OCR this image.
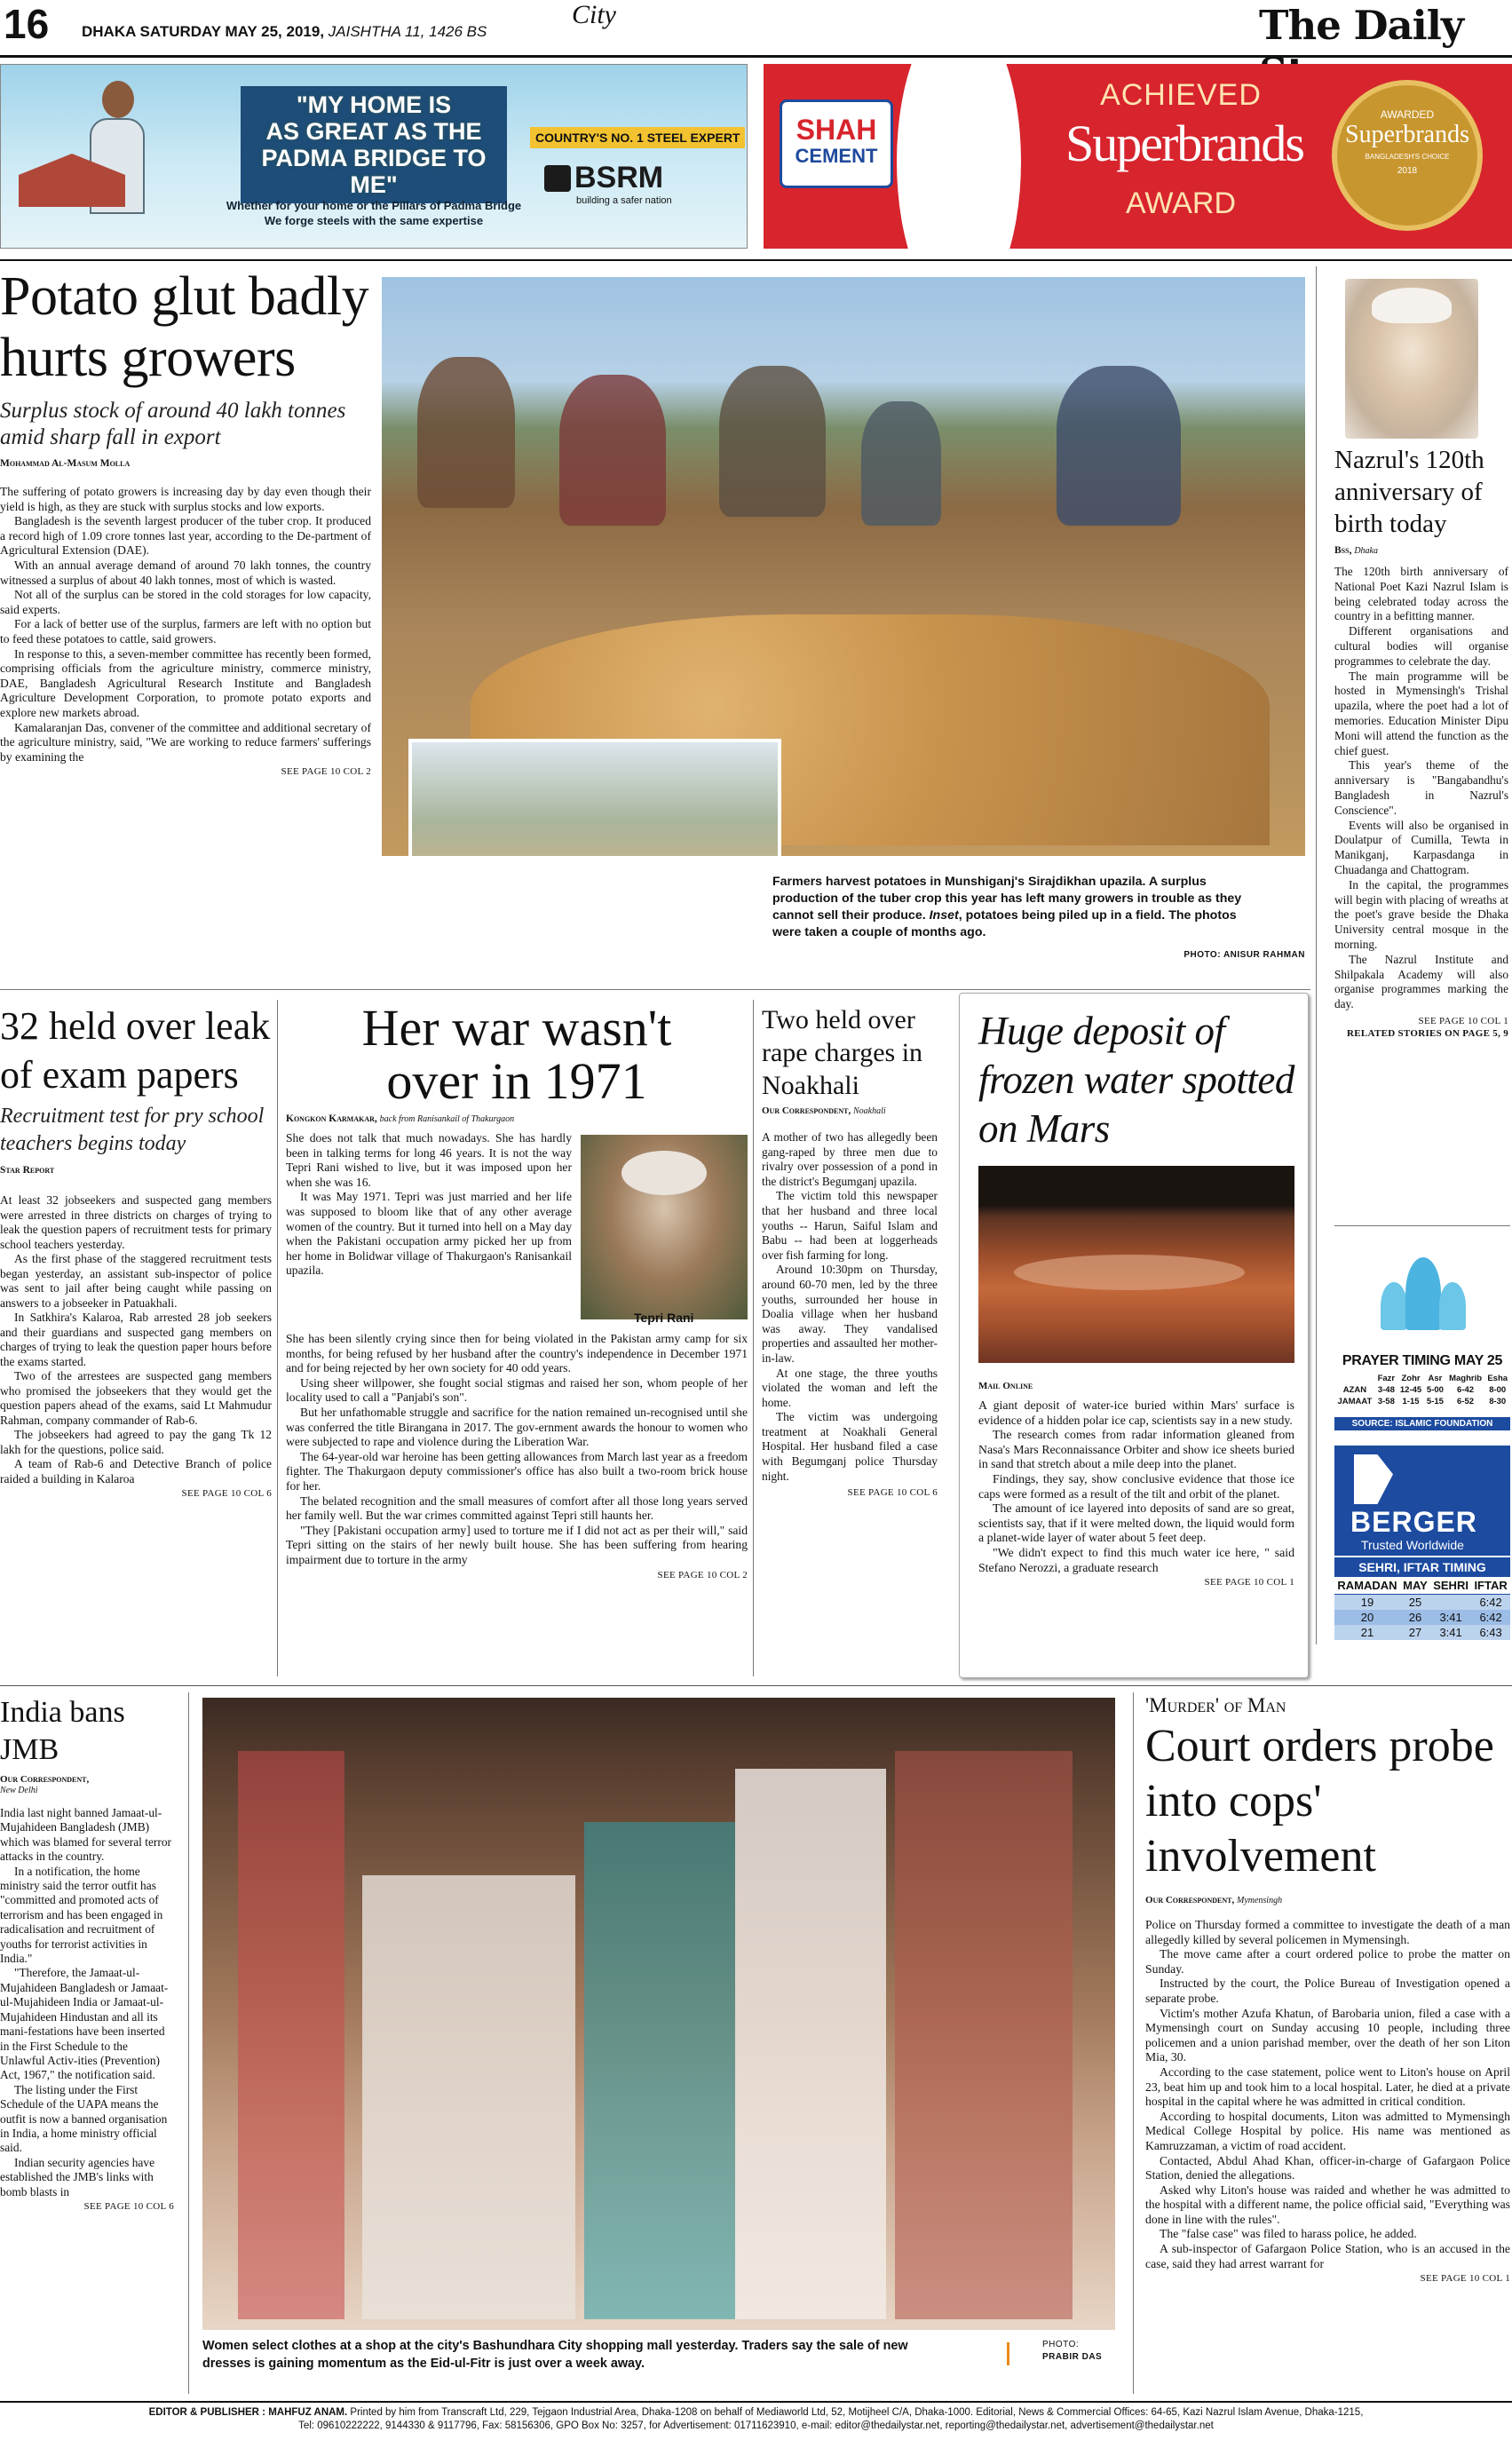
16 DHAKA SATURDAY MAY 25, 2019, JAISHTHA 11, 1426 BS
City	The Daily
"MY HOME IS
AS GREAT AS THE
PADMA BRIDGE TO ME"
COUNTRY'S NO. 1 STEEL EXPERT
BSRM
building a safer nation
Whether for your home or the Pillars of Padma Bridge
We forge steels with the same expertise
SHAH
CEMENT
ACHIEVED
Superbrands
AWARD
AWARDED
Superbrands
BANGLADESH'S CHOICE
2018
Potato glut badly hurts growers
Surplus stock of around 40 lakh tonnes amid sharp fall in export
Mohammad Al-Masum Molla

The suffering of potato growers is increasing day by day even though their yield is high, as they are stuck with surplus stocks and low exports.

Bangladesh is the seventh largest producer of the tuber crop. It produced a record high of 1.09 crore tonnes last year, according to the De-partment of Agricultural Extension (DAE).

With an annual average demand of around 70 lakh tonnes, the country witnessed a surplus of about 40 lakh tonnes, most of which is wasted.

Not all of the surplus can be stored in the cold storages for low capacity, said experts.

For a lack of better use of the surplus, farmers are left with no option but to feed these potatoes to cattle, said growers.

In response to this, a seven-member committee has recently been formed, comprising officials from the agriculture ministry, commerce ministry, DAE, Bangladesh Agricultural Research Institute and Bangladesh Agriculture Development Corporation, to promote potato exports and explore new markets abroad.

Kamalaranjan Das, convener of the committee and additional secretary of the agriculture ministry, said, "We are working to reduce farmers' sufferings by examining the

SEE PAGE 10 COL 2
Farmers harvest potatoes in Munshiganj's Sirajdikhan upazila. A surplus
production of the tuber crop this year has left many growers in trouble as they
cannot sell their produce. Inset, potatoes being piled up in a field. The photos
were taken a couple of months ago.
PHOTO: ANISUR RAHMAN
Nazrul's 120th anniversary of birth today
Bss, Dhaka

The 120th birth anniversary of National Poet Kazi Nazrul Islam is being celebrated today across the country in a befitting manner.

Different organisations and cultural bodies will organise programmes to celebrate the day.

The main programme will be hosted in Mymensingh's Trishal upazila, where the poet had a lot of memories. Education Minister Dipu Moni will attend the function as the chief guest.

This year's theme of the anniversary is "Bangabandhu's Bangladesh in Nazrul's Conscience".

Events will also be organised in Doulatpur of Cumilla, Tewta in Manikganj, Karpasdanga in Chuadanga and Chattogram.

In the capital, the programmes will begin with placing of wreaths at the poet's grave beside the Dhaka University central mosque in the morning.

The Nazrul Institute and Shilpakala Academy will also organise programmes marking the day.

SEE PAGE 10 COL 1
RELATED STORIES ON PAGE 5, 9
PRAYER TIMING MAY 25
	Fazr	Zohr	Asr	Maghrib	Esha
AZAN	3-48	12-45	5-00	6-42	8-00
JAMAAT	3-58	1-15	5-15	6-52	8-30
SOURCE: ISLAMIC FOUNDATION
BERGER
Trusted Worldwide
SEHRI, IFTAR TIMING
RAMADAN	MAY	SEHRI	IFTAR
19	25		6:42
20	26	3:41	6:42
21	27	3:41	6:43
32 held over leak of exam papers
Recruitment test for pry school teachers begins today
Star Report

At least 32 jobseekers and suspected gang members were arrested in three districts on charges of trying to leak the question papers of recruitment tests for primary school teachers yesterday.

As the first phase of the staggered recruitment tests began yesterday, an assistant sub-inspector of police was sent to jail after being caught while passing on answers to a jobseeker in Patuakhali.

In Satkhira's Kalaroa, Rab arrested 28 job seekers and their guardians and suspected gang members on charges of trying to leak the question paper hours before the exams started.

Two of the arrestees are suspected gang members who promised the jobseekers that they would get the question papers ahead of the exams, said Lt Mahmudur Rahman, company commander of Rab-6.

The jobseekers had agreed to pay the gang Tk 12 lakh for the questions, police said.

A team of Rab-6 and Detective Branch of police raided a building in Kalaroa

SEE PAGE 10 COL 6
Her war wasn't over in 1971
Kongkon Karmakar, back from Ranisankail of Thakurgaon

She does not talk that much nowadays. She has hardly been in talking terms for long 46 years. It is not the way Tepri Rani wished to live, but it was imposed upon her when she was 16.

It was May 1971. Tepri was just married and her life was supposed to bloom like that of any other average women of the country. But it turned into hell on a May day when the Pakistani occupation army picked her up from her home in Bolidwar village of Thakurgaon's Ranisankail upazila.

Tepri Rani

She has been silently crying since then for being violated in the Pakistan army camp for six months, for being refused by her husband after the country's independence in December 1971 and for being rejected by her own society for 40 odd years.

Using sheer willpower, she fought social stigmas and raised her son, whom people of her locality used to call a "Panjabi's son".

But her unfathomable struggle and sacrifice for the nation remained un-recognised until she was conferred the title Birangana in 2017. The gov-ernment awards the honour to women who were subjected to rape and violence during the Liberation War.

The 64-year-old war heroine has been getting allowances from March last year as a freedom fighter. The Thakurgaon deputy commissioner's office has also built a two-room brick house for her.

The belated recognition and the small measures of comfort after all those long years served her family well. But the war crimes committed against Tepri still haunts her.

"They [Pakistani occupation army] used to torture me if I did not act as per their will," said Tepri sitting on the stairs of her newly built house. She has been suffering from hearing impairment due to torture in the army

SEE PAGE 10 COL 2
Two held over rape charges in Noakhali
Our Correspondent, Noakhali

A mother of two has allegedly been gang-raped by three men due to rivalry over possession of a pond in the district's Begumganj upazila.

The victim told this newspaper that her husband and three local youths -- Harun, Saiful Islam and Babu -- had been at loggerheads over fish farming for long.

Around 10:30pm on Thursday, around 60-70 men, led by the three youths, surrounded her house in Doalia village when her husband was away. They vandalised properties and assaulted her mother-in-law.

At one stage, the three youths violated the woman and left the home.

The victim was undergoing treatment at Noakhali General Hospital. Her husband filed a case with Begumganj police Thursday night.

SEE PAGE 10 COL 6
Huge deposit of frozen water spotted on Mars
Mail Online

A giant deposit of water-ice buried within Mars' surface is evidence of a hidden polar ice cap, scientists say in a new study.

The research comes from radar information gleaned from Nasa's Mars Reconnaissance Orbiter and show ice sheets buried in sand that stretch about a mile deep into the planet.

Findings, they say, show conclusive evidence that those ice caps were formed as a result of the tilt and orbit of the planet.

The amount of ice layered into deposits of sand are so great, scientists say, that if it were melted down, the liquid would form a planet-wide layer of water about 5 feet deep.

"We didn't expect to find this much water ice here, " said Stefano Nerozzi, a graduate research

SEE PAGE 10 COL 1
India bans JMB
Our Correspondent,
New Delhi

India last night banned Jamaat-ul-Mujahideen Bangladesh (JMB) which was blamed for several terror attacks in the country.

In a notification, the home ministry said the terror outfit has "committed and promoted acts of terrorism and has been engaged in radicalisation and recruitment of youths for terrorist activities in India."

"Therefore, the Jamaat-ul-Mujahideen Bangladesh or Jamaat-ul-Mujahideen India or Jamaat-ul-Mujahideen Hindustan and all its mani-festations have been inserted in the First Schedule to the Unlawful Activ-ities (Prevention) Act, 1967," the notification said.

The listing under the First Schedule of the UAPA means the outfit is now a banned organisation in India, a home ministry official said.

Indian security agencies have established the JMB's links with bomb blasts in

SEE PAGE 10 COL 6
Women select clothes at a shop at the city's Bashundhara City shopping mall yesterday. Traders say the sale of new
dresses is gaining momentum as the Eid-ul-Fitr is just over a week away.
PHOTO:
PRABIR DAS
'Murder' of Man
Court orders probe into cops' involvement
Our Correspondent, Mymensingh

Police on Thursday formed a committee to investigate the death of a man allegedly killed by several policemen in Mymensingh.

The move came after a court ordered police to probe the matter on Sunday.

Instructed by the court, the Police Bureau of Investigation opened a separate probe.

Victim's mother Azufa Khatun, of Barobaria union, filed a case with a Mymensingh court on Sunday accusing 10 people, including three policemen and a union parishad member, over the death of her son Liton Mia, 30.

According to the case statement, police went to Liton's house on April 23, beat him up and took him to a local hospital. Later, he died at a private hospital in the capital where he was admitted in critical condition.

According to hospital documents, Liton was admitted to Mymensingh Medical College Hospital by police. His name was mentioned as Kamruzzaman, a victim of road accident.

Contacted, Abdul Ahad Khan, officer-in-charge of Gafargaon Police Station, denied the allegations.

Asked why Liton's house was raided and whether he was admitted to the hospital with a different name, the police official said, "Everything was done in line with the rules".

The "false case" was filed to harass police, he added.

A sub-inspector of Gafargaon Police Station, who is an accused in the case, said they had arrest warrant for

SEE PAGE 10 COL 1
EDITOR & PUBLISHER : MAHFUZ ANAM. Printed by him from Transcraft Ltd, 229, Tejgaon Industrial Area, Dhaka-1208 on behalf of Mediaworld Ltd, 52, Motijheel C/A, Dhaka-1000. Editorial, News & Commercial Offices: 64-65, Kazi Nazrul Islam Avenue, Dhaka-1215,
Tel: 09610222222, 9144330 & 9117796, Fax: 58156306, GPO Box No: 3257, for Advertisement: 01711623910, e-mail: editor@thedailystar.net, reporting@thedailystar.net, advertisement@thedailystar.net
